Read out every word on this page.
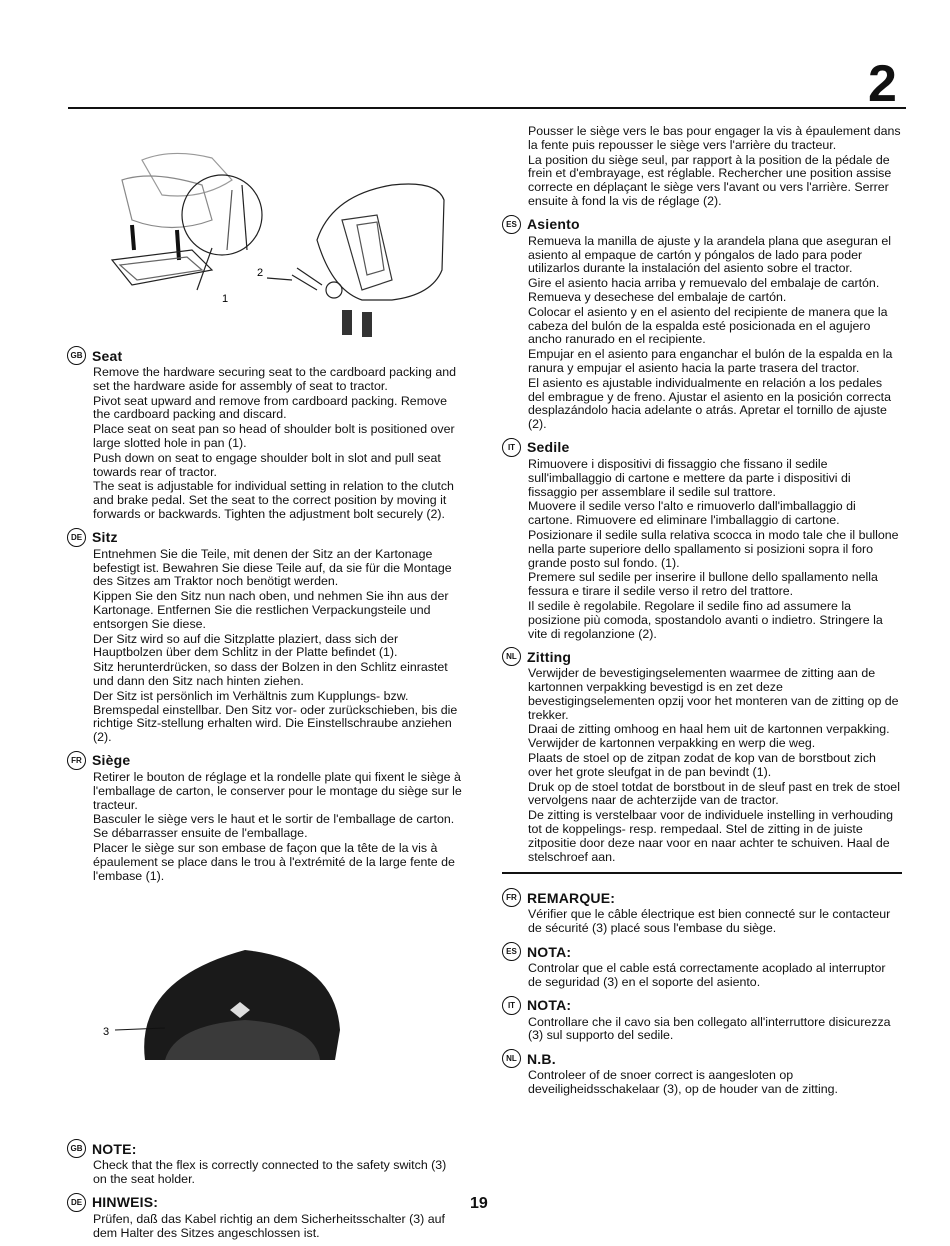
2
1
2
GB Seat

Remove the hardware securing seat to the cardboard packing and set the hardware aside for assembly of seat to tractor.

Pivot seat upward and remove from cardboard packing. Remove the cardboard packing and discard.

Place seat on seat pan so head of shoulder bolt is positioned over large slotted hole in pan (1).

Push down on seat to engage shoulder bolt in slot and pull seat towards rear of tractor.

The seat is adjustable for individual setting in relation to the clutch and brake pedal. Set the seat to the correct position by moving it forwards or backwards. Tighten the adjustment bolt securely (2).

DE Sitz

Entnehmen Sie die Teile, mit denen der Sitz an der Kartonage befestigt ist. Bewahren Sie diese Teile auf, da sie für die Montage des Sitzes am Traktor noch benötigt werden.

Kippen Sie den Sitz nun nach oben, und nehmen Sie ihn aus der Kartonage. Entfernen Sie die restlichen Verpackungsteile und entsorgen Sie diese.

Der Sitz wird so auf die Sitzplatte plaziert, dass sich der Hauptbolzen über dem Schlitz in der Platte befindet (1).

Sitz herunterdrücken, so dass der Bolzen in den Schlitz einrastet und dann den Sitz nach hinten ziehen.

Der Sitz ist persönlich im Verhältnis zum Kupplungs- bzw. Bremspedal einstellbar. Den Sitz vor- oder zurückschieben, bis die richtige Sitz-stellung erhalten wird. Die Einstellschraube anziehen (2).

FR Siège

Retirer le bouton de réglage et la rondelle plate qui fixent le siège à l'emballage de carton, le conserver pour le montage du siège sur le tracteur.

Basculer le siège vers le haut et le sortir de l'emballage de carton. Se débarrasser ensuite de l'emballage.

Placer le siège sur son embase de façon que la tête de la vis à épaulement se place dans le trou à l'extrémité de la large fente de l'embase (1).

GB NOTE:

Check that the flex is correctly connected to the safety switch (3) on the seat holder.

DE HINWEIS:

Prüfen, daß das Kabel richtig an dem Sicherheitsschalter (3) auf dem Halter des Sitzes angeschlossen ist.

3

Pousser le siège vers le bas pour engager la vis à épaulement dans la fente puis repousser le siège vers l'arrière du tracteur.

La position du siège seul, par rapport à la position de la pédale de frein et d'embrayage, est réglable. Rechercher une position assise correcte en déplaçant le siège vers l'avant ou vers l'arrière. Serrer ensuite à fond la vis de réglage (2).

ES Asiento

Remueva la manilla de ajuste y la arandela plana que aseguran el asiento al empaque de cartón y póngalos de lado para poder utilizarlos durante la instalación del asiento sobre el tractor.

Gire el asiento hacia arriba y remuevalo del embalaje de cartón. Remueva y desechese del embalaje de cartón.

Colocar el asiento y en el asiento del recipiente de manera que la cabeza del bulón de la espalda esté posicionada en el agujero ancho ranurado en el recipiente.

Empujar en el asiento para enganchar el bulón de la espalda en la ranura y empujar el asiento hacia la parte trasera del tractor.

El asiento es ajustable individualmente en relación a los pedales del embrague y de freno. Ajustar el asiento en la posición correcta desplazándolo hacia adelante o atrás. Apretar el tornillo de ajuste (2).

IT Sedile

Rimuovere i dispositivi di fissaggio che fissano il sedile sull'imballaggio di cartone e mettere da parte i dispositivi di fissaggio per assemblare il sedile sul trattore.

Muovere il sedile verso l'alto e rimuoverlo dall'imballaggio di cartone. Rimuovere ed eliminare l'imballaggio di cartone.

Posizionare il sedile sulla relativa scocca in modo tale che il bullone nella parte superiore dello spallamento si posizioni sopra il foro grande posto sul fondo. (1).

Premere sul sedile per inserire il bullone dello spallamento nella fessura e tirare il sedile verso il retro del trattore.

Il sedile è regolabile. Regolare il sedile fino ad assumere la posizione più comoda, spostandolo avanti o indietro. Stringere la vite di regolanzione (2).

NL Zitting

Verwijder de bevestigingselementen waarmee de zitting aan de kartonnen verpakking bevestigd is en zet deze bevestigingselementen opzij voor het monteren van de zitting op de trekker.

Draai de zitting omhoog en haal hem uit de kartonnen verpakking. Verwijder de kartonnen verpakking en werp die weg.

Plaats de stoel op de zitpan zodat de kop van de borstbout zich over het grote sleufgat in de pan bevindt (1).

Druk op de stoel totdat de borstbout in de sleuf past en trek de stoel vervolgens naar de achterzijde van de tractor.

De zitting is verstelbaar voor de individuele instelling in verhouding tot de koppelings- resp. rempedaal. Stel de zitting in de juiste zitpositie door deze naar voor en naar achter te schuiven. Haal de stelschroef aan.

FR REMARQUE:

Vérifier que le câble électrique est bien connecté sur le contacteur de sécurité (3) placé sous l'embase du siège.

ES NOTA:

Controlar que el cable está correctamente acoplado al interruptor de seguridad (3) en el soporte del asiento.

IT NOTA:

Controllare che il cavo sia ben collegato all'interruttore disicurezza (3) sul supporto del sedile.

NL N.B.

Controleer of de snoer correct is aangesloten op deveiligheidsschakelaar (3), op de houder van de zitting.

19
